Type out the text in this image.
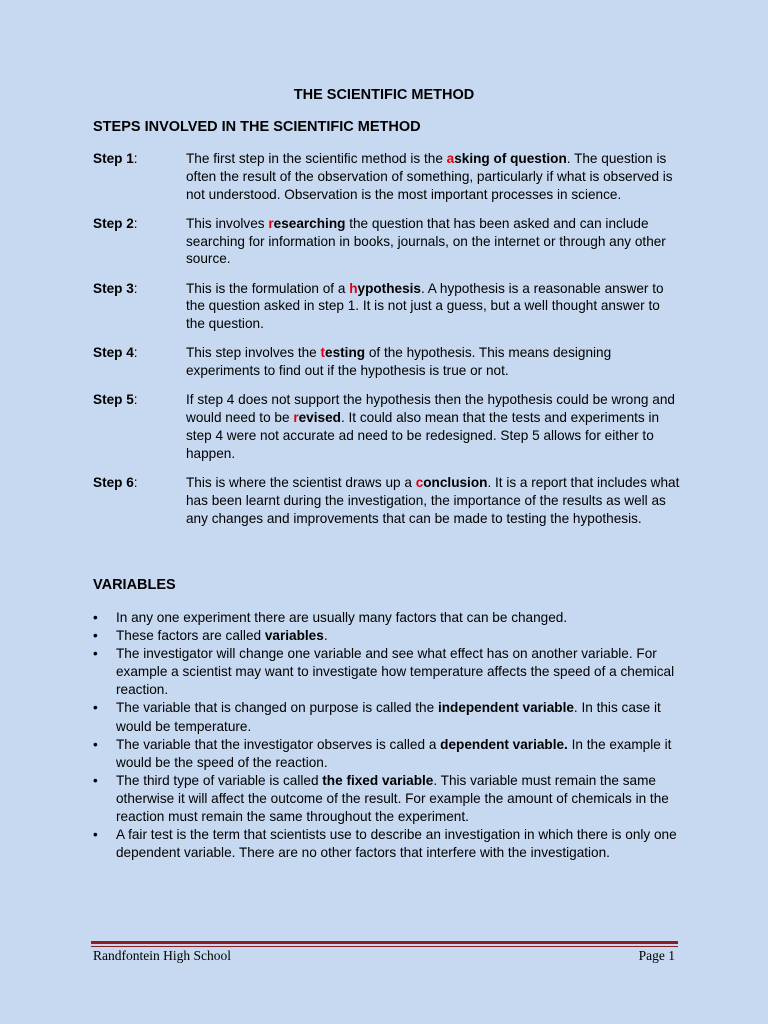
THE SCIENTIFIC METHOD
STEPS INVOLVED IN THE SCIENTIFIC METHOD
Step 1:	The first step in the scientific method is the asking of question. The question is often the result of the observation of something, particularly if what is observed is not understood. Observation is the most important processes in science.
Step 2:	This involves researching the question that has been asked and can include searching for information in books, journals, on the internet or through any other source.
Step 3:	This is the formulation of a hypothesis. A hypothesis is a reasonable answer to the question asked in step 1. It is not just a guess, but a well thought answer to the question.
Step 4:	This step involves the testing of the hypothesis. This means designing experiments to find out if the hypothesis is true or not.
Step 5:	If step 4 does not support the hypothesis then the hypothesis could be wrong and would need to be revised. It could also mean that the tests and experiments in step 4 were not accurate ad need to be redesigned. Step 5 allows for either to happen.
Step 6:	This is where the scientist draws up a conclusion. It is a report that includes what has been learnt during the investigation, the importance of the results as well as any changes and improvements that can be made to testing the hypothesis.
VARIABLES
• In any one experiment there are usually many factors that can be changed.
• These factors are called variables.
• The investigator will change one variable and see what effect has on another variable. For example a scientist may want to investigate how temperature affects the speed of a chemical reaction.
• The variable that is changed on purpose is called the independent variable. In this case it would be temperature.
• The variable that the investigator observes is called a dependent variable. In the example it would be the speed of the reaction.
• The third type of variable is called the fixed variable. This variable must remain the same otherwise it will affect the outcome of the result. For example the amount of chemicals in the reaction must remain the same throughout the experiment.
• A fair test is the term that scientists use to describe an investigation in which there is only one dependent variable. There are no other factors that interfere with the investigation.
Randfontein High School	Page 1
